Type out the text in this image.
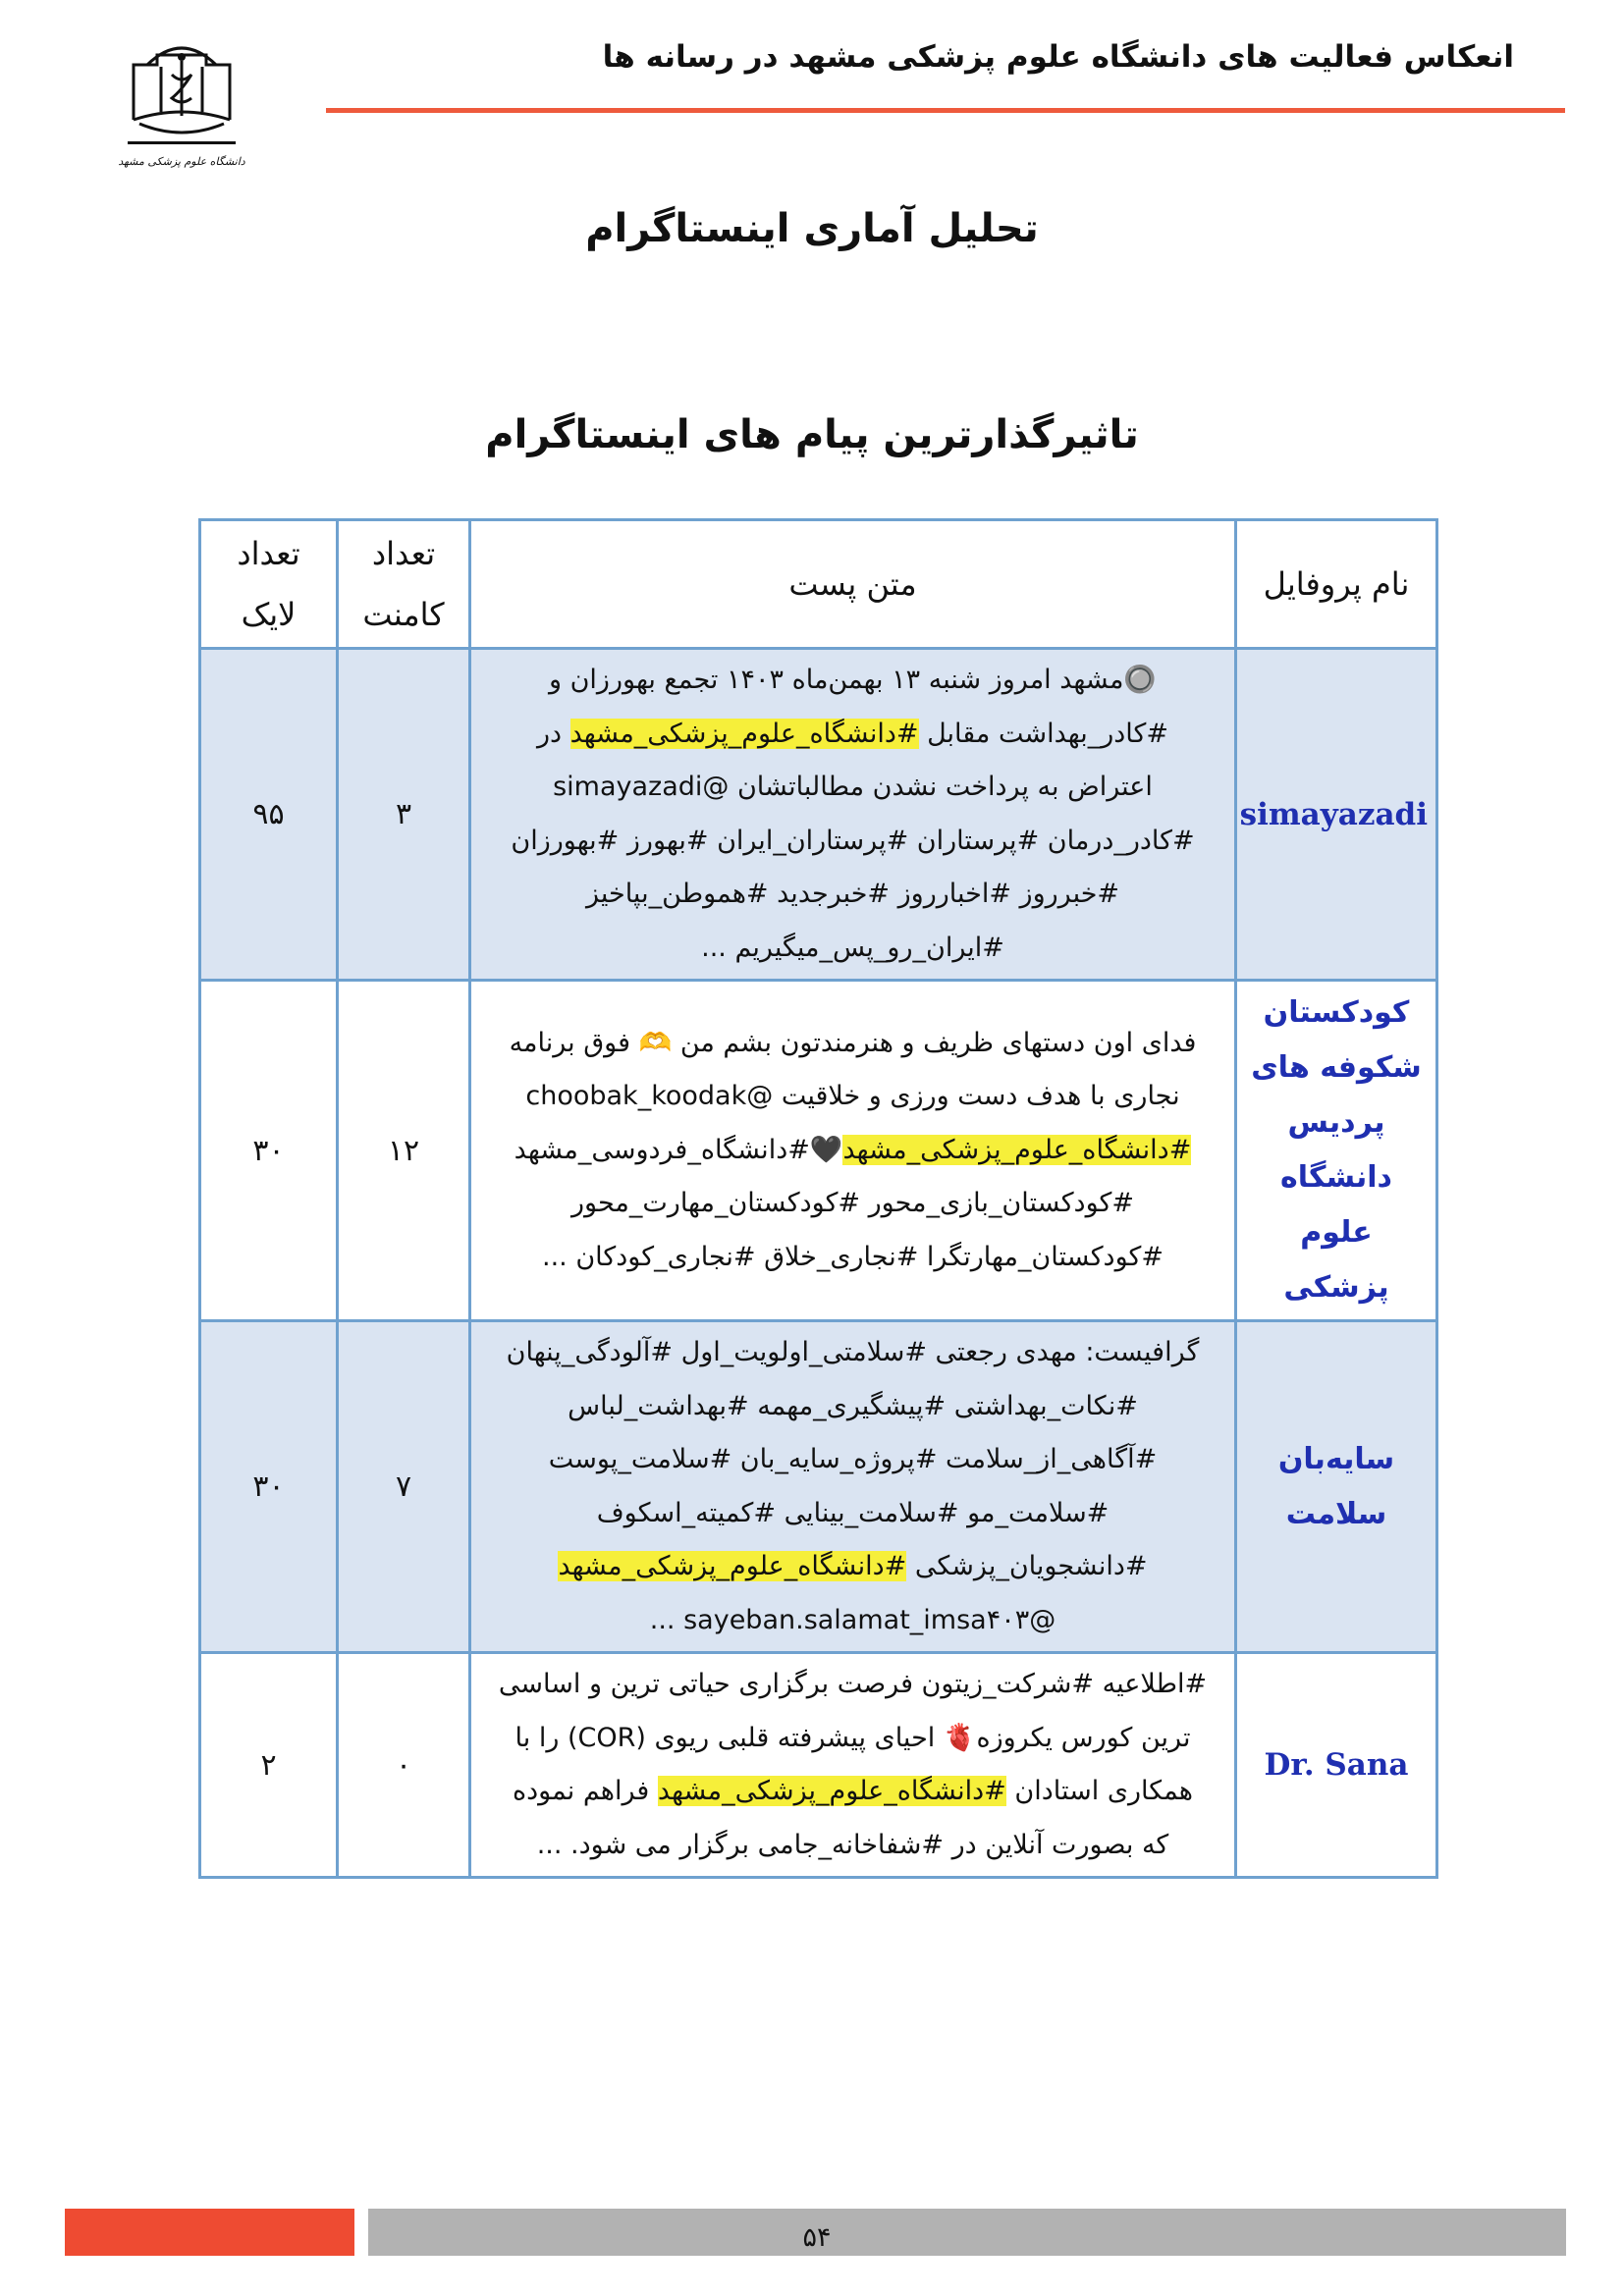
انعکاس فعالیت های دانشگاه علوم پزشکی مشهد در رسانه ها
دانشگاه علوم پزشکی مشهد
تحلیل آماری اینستاگرام
تاثیرگذارترین پیام های اینستاگرام
نام پروفایل	متن پست	تعداد کامنت	تعداد لایک
simayazadi	🔘مشهد امروز شنبه ۱۳ بهمن‌ماه ۱۴۰۳ تجمع بهورزان و #کادر_بهداشت مقابل #دانشگاه_علوم_پزشکی_مشهد در اعتراض به پرداخت نشدن مطالباتشان @simayazadi #کادر_درمان #پرستاران #پرستاران_ایران #بهورز #بهورزان #خبرروز #اخبارروز #خبرجدید #هموطن_بپاخیز #ایران_رو_پس_میگیریم ...	۳	۹۵
کودکستان شکوفه های پردیس دانشگاه علوم پزشکی	فدای اون دستهای ظریف و هنرمندتون بشم من 🫶 فوق برنامه نجاری با هدف دست ورزی و خلاقیت @choobak_koodak #دانشگاه_علوم_پزشکی_مشهد🖤#دانشگاه_فردوسی_مشهد #کودکستان_بازی_محور #کودکستان_مهارت_محور #کودکستان_مهارتگرا #نجاری_خلاق #نجاری_کودکان ...	۱۲	۳۰
سایه‌بان سلامت	گرافیست: مهدی رجعتی #سلامتی_اولویت_اول #آلودگی_پنهان #نکات_بهداشتی #پیشگیری_مهمه #بهداشت_لباس #آگاهی_از_سلامت #پروژه_سایه_بان #سلامت_پوست #سلامت_مو #سلامت_بینایی #کمیته_اسکوف #دانشجویان_پزشکی #دانشگاه_علوم_پزشکی_مشهد @sayeban.salamat_imsa۴۰۳ ...	۷	۳۰
Dr. Sana	#اطلاعیه #شرکت_زیتون فرصت برگزاری حیاتی ترین و اساسی ترین کورس یکروزه🫀 احیای پیشرفته قلبی ریوی (COR) را با همکاری استادان #دانشگاه_علوم_پزشکی_مشهد فراهم نموده که بصورت آنلاین در #شفاخانه_جامی برگزار می شود. ...	۰	۲
۵۴
